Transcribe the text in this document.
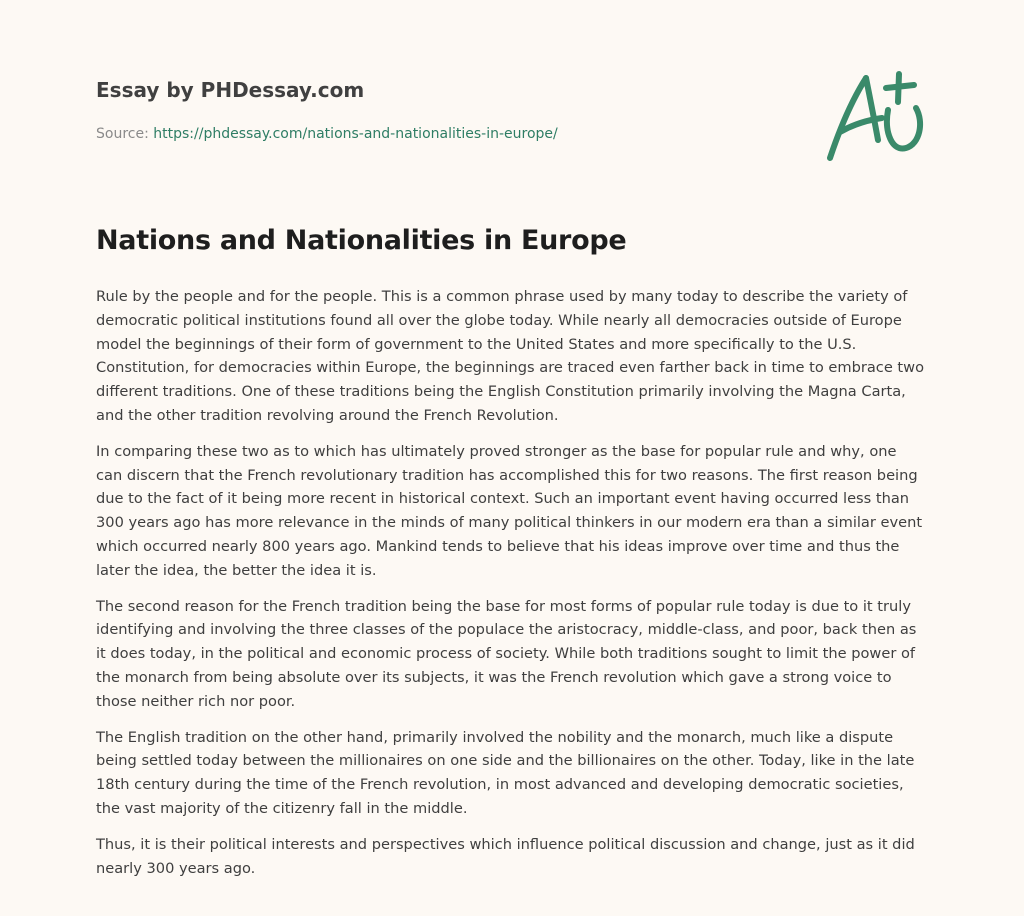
Essay by PHDessay.com

Source: https://phdessay.com/nations-and-nationalities-in-europe/
Nations and Nationalities in Europe

Rule by the people and for the people. This is a common phrase used by many today to describe the variety of democratic political institutions found all over the globe today. While nearly all democracies outside of Europe model the beginnings of their form of government to the United States and more specifically to the U.S. Constitution, for democracies within Europe, the beginnings are traced even farther back in time to embrace two different traditions. One of these traditions being the English Constitution primarily involving the Magna Carta, and the other tradition revolving around the French Revolution.

In comparing these two as to which has ultimately proved stronger as the base for popular rule and why, one can discern that the French revolutionary tradition has accomplished this for two reasons. The first reason being due to the fact of it being more recent in historical context. Such an important event having occurred less than 300 years ago has more relevance in the minds of many political thinkers in our modern era than a similar event which occurred nearly 800 years ago. Mankind tends to believe that his ideas improve over time and thus the later the idea, the better the idea it is.

The second reason for the French tradition being the base for most forms of popular rule today is due to it truly identifying and involving the three classes of the populace the aristocracy, middle-class, and poor, back then as it does today, in the political and economic process of society. While both traditions sought to limit the power of the monarch from being absolute over its subjects, it was the French revolution which gave a strong voice to those neither rich nor poor.

The English tradition on the other hand, primarily involved the nobility and the monarch, much like a dispute being settled today between the millionaires on one side and the billionaires on the other. Today, like in the late 18th century during the time of the French revolution, in most advanced and developing democratic societies, the vast majority of the citizenry fall in the middle.

Thus, it is their political interests and perspectives which influence political discussion and change, just as it did nearly 300 years ago.
